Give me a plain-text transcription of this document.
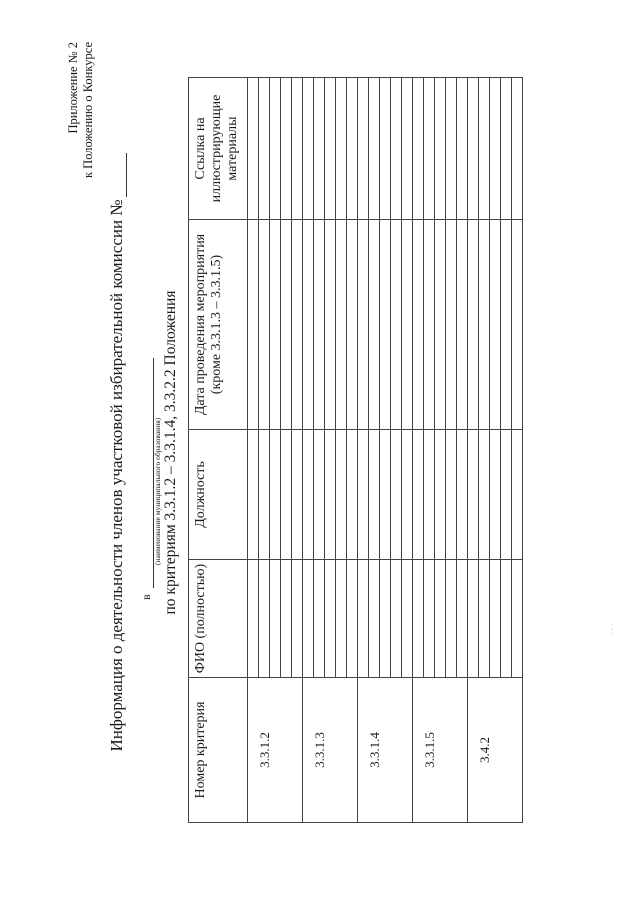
Приложение № 2 к Положению о Конкурсе
Информация о деятельности членов участковой избирательной комиссии № в
(наименование муниципального образования) по критериям 3.3.1.2 – 3.3.1.4, 3.3.2.2 Положения
Номер критерия	ФИО (полностью)	Должность	Дата проведения мероприятия (кроме 3.3.1.3 – 3.3.1.5)	Ссылка на иллюстрирующие материалы

3.3.1.2				

3.3.1.3				

3.3.1.4				

3.3.1.5				

3.4.2				

· · ·
